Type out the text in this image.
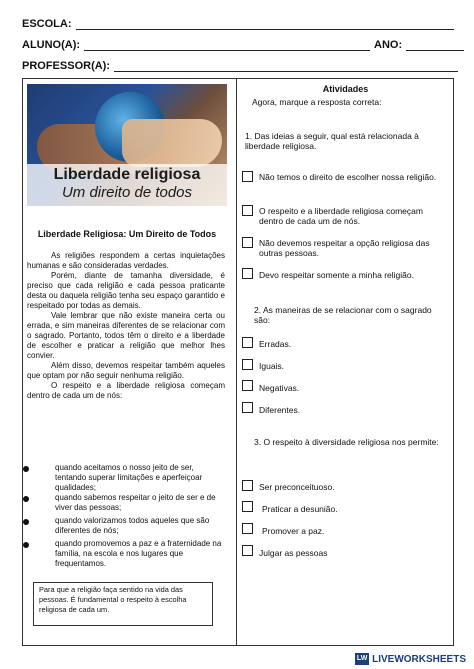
ESCOLA:
ALUNO(A):	ANO:
PROFESSOR(A):
Liberdade religiosa
Um direito de todos
Liberdade Religiosa: Um Direito de Todos

As religiões respondem a certas inquietações humanas e são consideradas verdades.

Porém, diante de tamanha diversidade, é preciso que cada religião e cada pessoa praticante desta ou daquela religião tenha seu espaço garantido e respeitado por todas as demais.

Vale lembrar que não existe maneira certa ou errada, e sim maneiras diferentes de se relacionar com o sagrado. Portanto, todos têm o direito e a liberdade de escolher e praticar a religião que melhor lhes convier.

Além disso, devemos respeitar também aqueles que optam por não seguir nenhuma religião.

O respeito e a liberdade religiosa começam dentro de cada um de nós:

quando aceitamos o nosso jeito de ser, tentando superar limitações e aperfeiçoar qualidades;
quando sabemos respeitar o jeito de ser e de viver das pessoas;
quando valorizamos todos aqueles que são diferentes de nós;
quando promovemos a paz e a fraternidade na família, na escola e nos lugares que frequentamos.
Para que a religião faça sentido na vida das pessoas. É fundamental o respeito à escolha religiosa de cada um.
Atividades
Agora, marque a resposta correta:
1. Das ideias a seguir, qual está relacionada à liberdade religiosa.
Não temos o direito de escolher nossa religião.
O respeito e a liberdade religiosa começam dentro de cada um de nós.
Não devemos respeitar a opção religiosa das outras pessoas.
Devo respeitar somente a minha religião.
2. As maneiras de se relacionar com o sagrado são:
Erradas.
Iguais.
Negativas.
Diferentes.
3. O respeito à diversidade religiosa nos permite:
Ser preconceituoso.
Praticar a desunião.
Promover a paz.
Julgar as pessoas
LW LIVEWORKSHEETS
